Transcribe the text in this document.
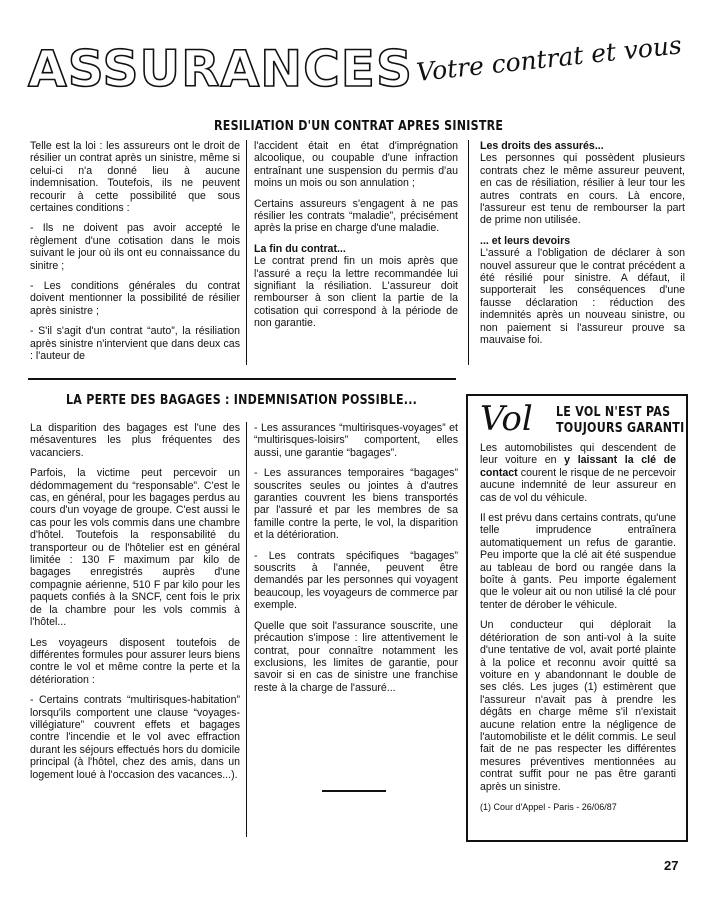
ASSURANCES Votre contrat et vous
RESILIATION D'UN CONTRAT APRES SINISTRE

Telle est la loi : les assureurs ont le droit de résilier un contrat après un sinistre, même si celui-ci n'a donné lieu à aucune indemnisation. Toutefois, ils ne peuvent recourir à cette possibilité que sous certaines conditions :

- Ils ne doivent pas avoir accepté le règlement d'une cotisation dans le mois suivant le jour où ils ont eu connaissance du sinitre ;

- Les conditions générales du contrat doivent mentionner la possibilité de résilier après sinistre ;

- S'il s'agit d'un contrat “auto”, la résiliation après sinistre n'intervient que dans deux cas : l'auteur de

l'accident était en état d'imprégnation alcoolique, ou coupable d'une infraction entraînant une suspension du permis d'au moins un mois ou son annulation ;

Certains assureurs s'engagent à ne pas résilier les contrats “maladie”, précisément après la prise en charge d'une maladie.

La fin du contrat...

Le contrat prend fin un mois après que l'assuré a reçu la lettre recommandée lui signifiant la résiliation. L'assureur doit rembourser à son client la partie de la cotisation qui correspond à la période de non garantie.

Les droits des assurés...

Les personnes qui possèdent plusieurs contrats chez le même assureur peuvent, en cas de résiliation, résilier à leur tour les autres contrats en cours. Là encore, l'assureur est tenu de rembourser la part de prime non utilisée.

... et leurs devoirs

L'assuré a l'obligation de déclarer à son nouvel assureur que le contrat précédent a été résilié pour sinistre. A défaut, il supporterait les conséquences d'une fausse déclaration : réduction des indemnités après un nouveau sinistre, ou non paiement si l'assureur prouve sa mauvaise foi.

LA PERTE DES BAGAGES : INDEMNISATION POSSIBLE...

La disparition des bagages est l'une des mésaventures les plus fréquentes des vacanciers.

Parfois, la victime peut percevoir un dédommagement du “responsable”. C'est le cas, en général, pour les bagages perdus au cours d'un voyage de groupe. C'est aussi le cas pour les vols commis dans une chambre d'hôtel. Toutefois la responsabilité du transporteur ou de l'hôtelier est en général limitée : 130 F maximum par kilo de bagages enregistrés auprès d'une compagnie aérienne, 510 F par kilo pour les paquets confiés à la SNCF, cent fois le prix de la chambre pour les vols commis à l'hôtel...

Les voyageurs disposent toutefois de différentes formules pour assurer leurs biens contre le vol et même contre la perte et la détérioration :

- Certains contrats “multirisques-habitation” lorsqu'ils comportent une clause “voyages-villégiature” couvrent effets et bagages contre l'incendie et le vol avec effraction durant les séjours effectués hors du domicile principal (à l'hôtel, chez des amis, dans un logement loué à l'occasion des vacances...).

- Les assurances “multirisques-voyages” et “multirisques-loisirs” comportent, elles aussi, une garantie “bagages”.

- Les assurances temporaires “bagages” souscrites seules ou jointes à d'autres garanties couvrent les biens transportés par l'assuré et par les membres de sa famille contre la perte, le vol, la disparition et la détérioration.

- Les contrats spécifiques “bagages” souscrits à l'année, peuvent être demandés par les personnes qui voyagent beaucoup, les voyageurs de commerce par exemple.

Quelle que soit l'assurance souscrite, une précaution s'impose : lire attentivement le contrat, pour connaître notamment les exclusions, les limites de garantie, pour savoir si en cas de sinistre une franchise reste à la charge de l'assuré...

Vol LE VOL N'EST PAS
TOUJOURS GARANTI

Les automobilistes qui descendent de leur voiture en y laissant la clé de contact courent le risque de ne percevoir aucune indemnité de leur assureur en cas de vol du véhicule.

Il est prévu dans certains contrats, qu'une telle imprudence entraînera automatiquement un refus de garantie. Peu importe que la clé ait été suspendue au tableau de bord ou rangée dans la boîte à gants. Peu importe également que le voleur ait ou non utilisé la clé pour tenter de dérober le véhicule.

Un conducteur qui déplorait la détérioration de son anti-vol à la suite d'une tentative de vol, avait porté plainte à la police et reconnu avoir quitté sa voiture en y abandonnant le double de ses clés. Les juges (1) estimèrent que l'assureur n'avait pas à prendre les dégâts en charge même s'il n'existait aucune relation entre la négligence de l'automobiliste et le délit commis. Le seul fait de ne pas respecter les différentes mesures préventives mentionnées au contrat suffit pour ne pas être garanti après un sinistre.

(1) Cour d'Appel - Paris - 26/06/87
27
